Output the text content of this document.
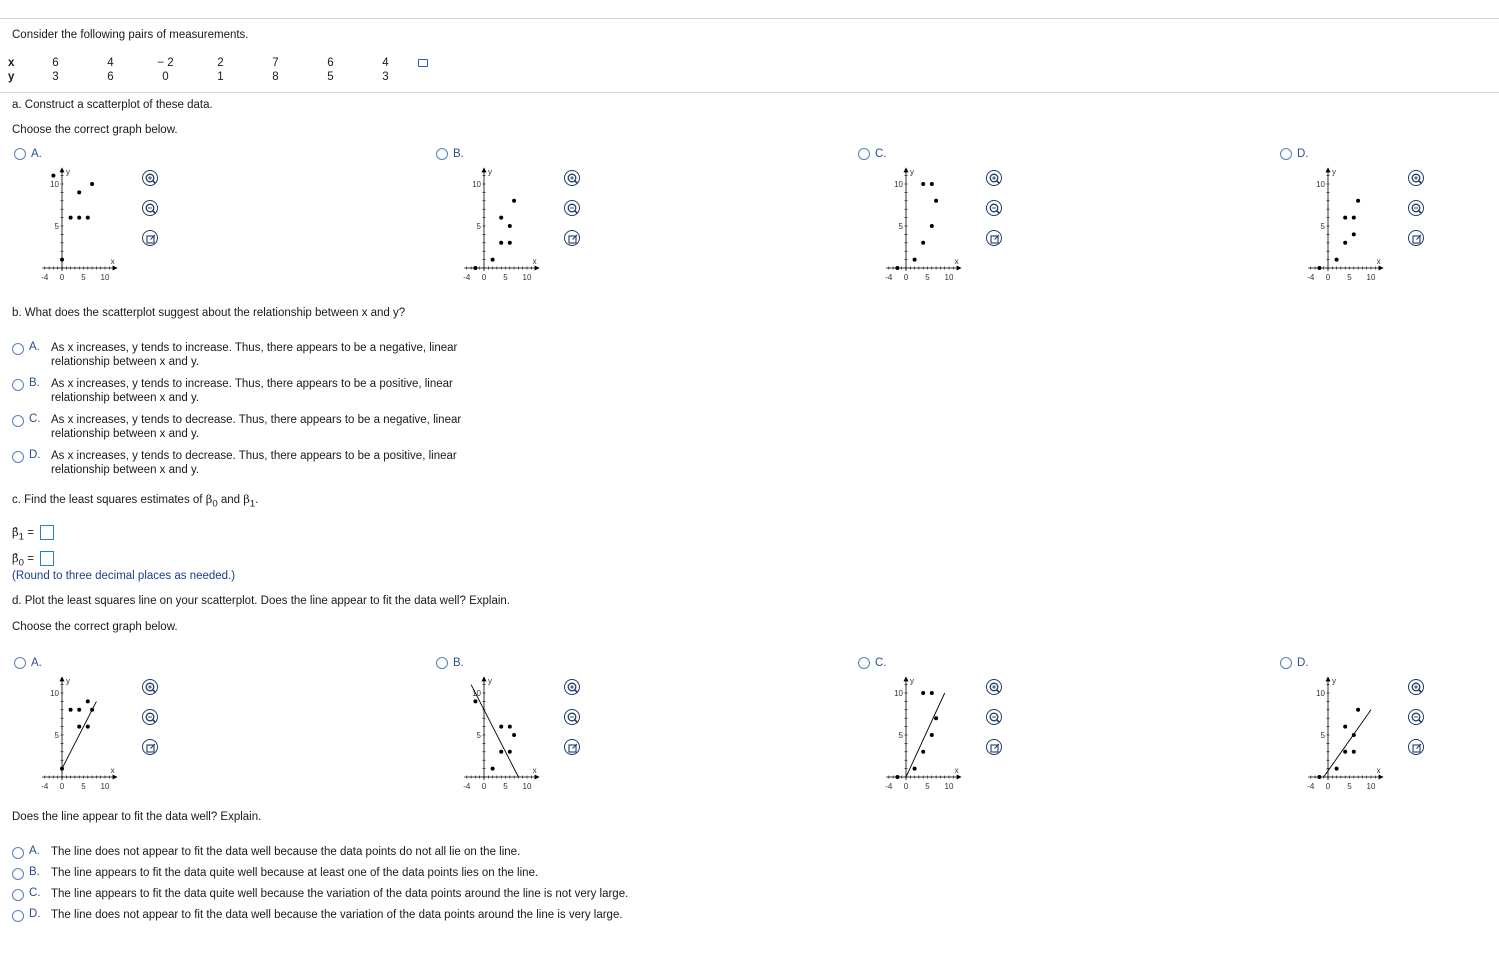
Consider the following pairs of measurements.
x	6	4	− 2	2	7	6	4
y	3	6	0	1	8	5	3
a. Construct a scatterplot of these data.
Choose the correct graph below.
A.	B.	C.	D.
-4 0 5 10
10
5
y
x
-4 0 5 10
10
5
y
x
-4 0 5 10
10
5
y
x
-4 0 5 10
10
5
y
x
b. What does the scatterplot suggest about the relationship between x and y?
A. As x increases, y tends to increase. Thus, there appears to be a negative, linear
relationship between x and y.
B. As x increases, y tends to increase. Thus, there appears to be a positive, linear
relationship between x and y.
C. As x increases, y tends to decrease. Thus, there appears to be a negative, linear
relationship between x and y.
D. As x increases, y tends to decrease. Thus, there appears to be a positive, linear
relationship between x and y.
c. Find the least squares estimates of $\beta_0$ and $\beta_1$.
$\betâ_1$ =
$\betâ_0$ =
(Round to three decimal places as needed.)
d. Plot the least squares line on your scatterplot. Does the line appear to fit the data well? Explain.
Choose the correct graph below.
A.	B.	C.	D.
-4 0 5 10
10
5
y
x
-4 0 5 10
10
5
y
x
-4 0 5 10
10
5
y
x
-4 0 5 10
10
5
y
x
Does the line appear to fit the data well? Explain.
A. The line does not appear to fit the data well because the data points do not all lie on the line.
B. The line appears to fit the data quite well because at least one of the data points lies on the line.
C. The line appears to fit the data quite well because the variation of the data points around the line is not very large.
D. The line does not appear to fit the data well because the variation of the data points around the line is very large.
